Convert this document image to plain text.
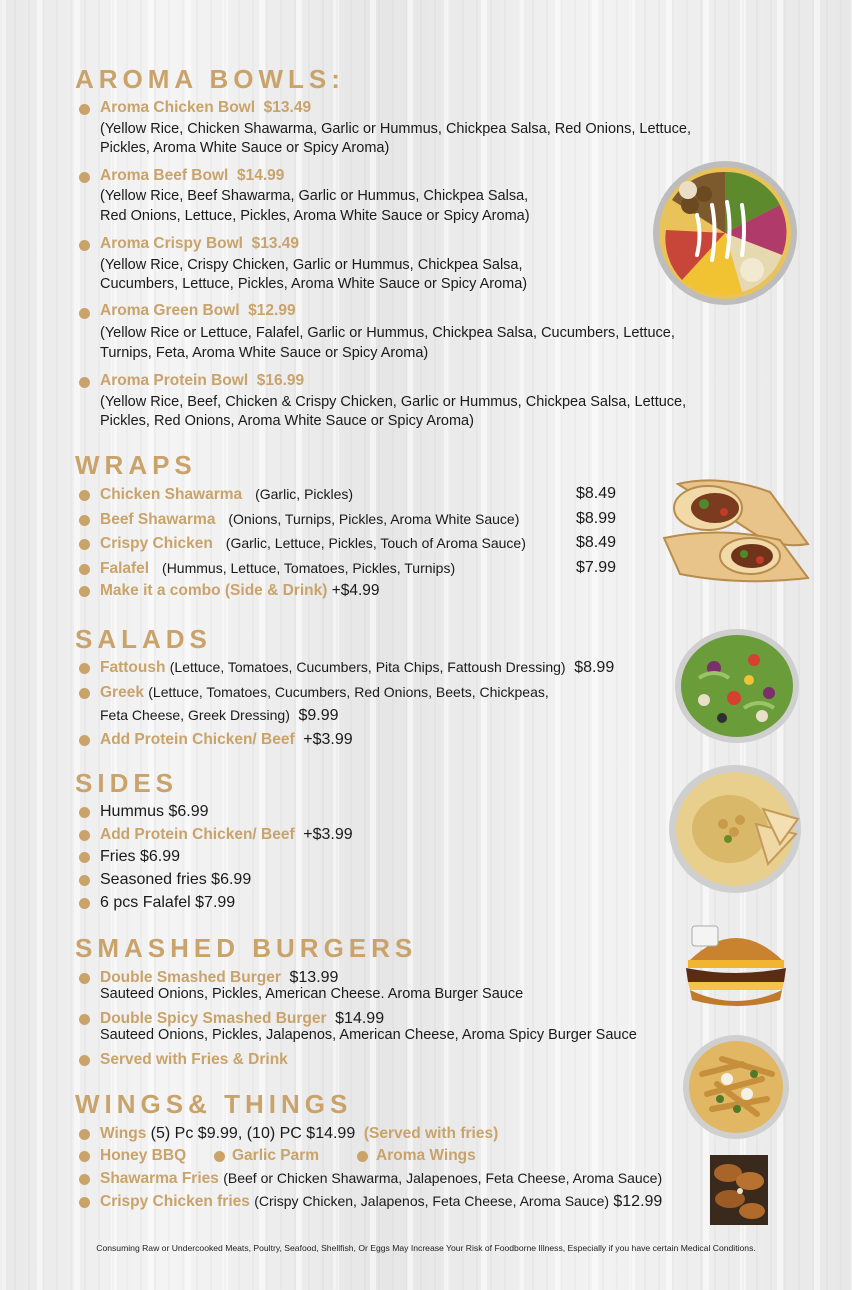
AROMA BOWLS:
Aroma Chicken Bowl $13.49
(Yellow Rice, Chicken Shawarma, Garlic or Hummus, Chickpea Salsa, Red Onions, Lettuce,
Pickles, Aroma White Sauce or Spicy Aroma)
Aroma Beef Bowl $14.99
(Yellow Rice, Beef Shawarma, Garlic or Hummus, Chickpea Salsa,
Red Onions, Lettuce, Pickles, Aroma White Sauce or Spicy Aroma)
Aroma Crispy Bowl $13.49
(Yellow Rice, Crispy Chicken, Garlic or Hummus, Chickpea Salsa,
Cucumbers, Lettuce, Pickles, Aroma White Sauce or Spicy Aroma)
Aroma Green Bowl $12.99
(Yellow Rice or Lettuce, Falafel, Garlic or Hummus, Chickpea Salsa, Cucumbers, Lettuce,
Turnips, Feta, Aroma White Sauce or Spicy Aroma)
Aroma Protein Bowl $16.99
(Yellow Rice, Beef, Chicken & Crispy Chicken, Garlic or Hummus, Chickpea Salsa, Lettuce,
Pickles, Red Onions, Aroma White Sauce or Spicy Aroma)
WRAPS
Chicken Shawarma (Garlic, Pickles)	$8.49
Beef Shawarma (Onions, Turnips, Pickles, Aroma White Sauce)	$8.99
Crispy Chicken (Garlic, Lettuce, Pickles, Touch of Aroma Sauce)	$8.49
Falafel (Hummus, Lettuce, Tomatoes, Pickles, Turnips)	$7.99
Make it a combo (Side & Drink) +$4.99
SALADS
Fattoush (Lettuce, Tomatoes, Cucumbers, Pita Chips, Fattoush Dressing) $8.99
Greek (Lettuce, Tomatoes, Cucumbers, Red Onions, Beets, Chickpeas,
Feta Cheese, Greek Dressing) $9.99
Add Protein Chicken/ Beef +$3.99
SIDES
Hummus $6.99
Add Protein Chicken/ Beef +$3.99
Fries $6.99
Seasoned fries $6.99
6 pcs Falafel $7.99
SMASHED BURGERS
Double Smashed Burger $13.99
Sauteed Onions, Pickles, American Cheese. Aroma Burger Sauce
Double Spicy Smashed Burger $14.99
Sauteed Onions, Pickles, Jalapenos, American Cheese, Aroma Spicy Burger Sauce
Served with Fries & Drink
WINGS& THINGS
Wings (5) Pc $9.99, (10) PC $14.99 (Served with fries)
Honey BBQ	Garlic Parm	Aroma Wings
Shawarma Fries (Beef or Chicken Shawarma, Jalapenoes, Feta Cheese, Aroma Sauce)
Crispy Chicken fries (Crispy Chicken, Jalapenos, Feta Cheese, Aroma Sauce) $12.99
Consuming Raw or Undercooked Meats, Poultry, Seafood, Shellfish, Or Eggs May Increase Your Risk of Foodborne Illness, Especially if you have certain Medical Conditions.
